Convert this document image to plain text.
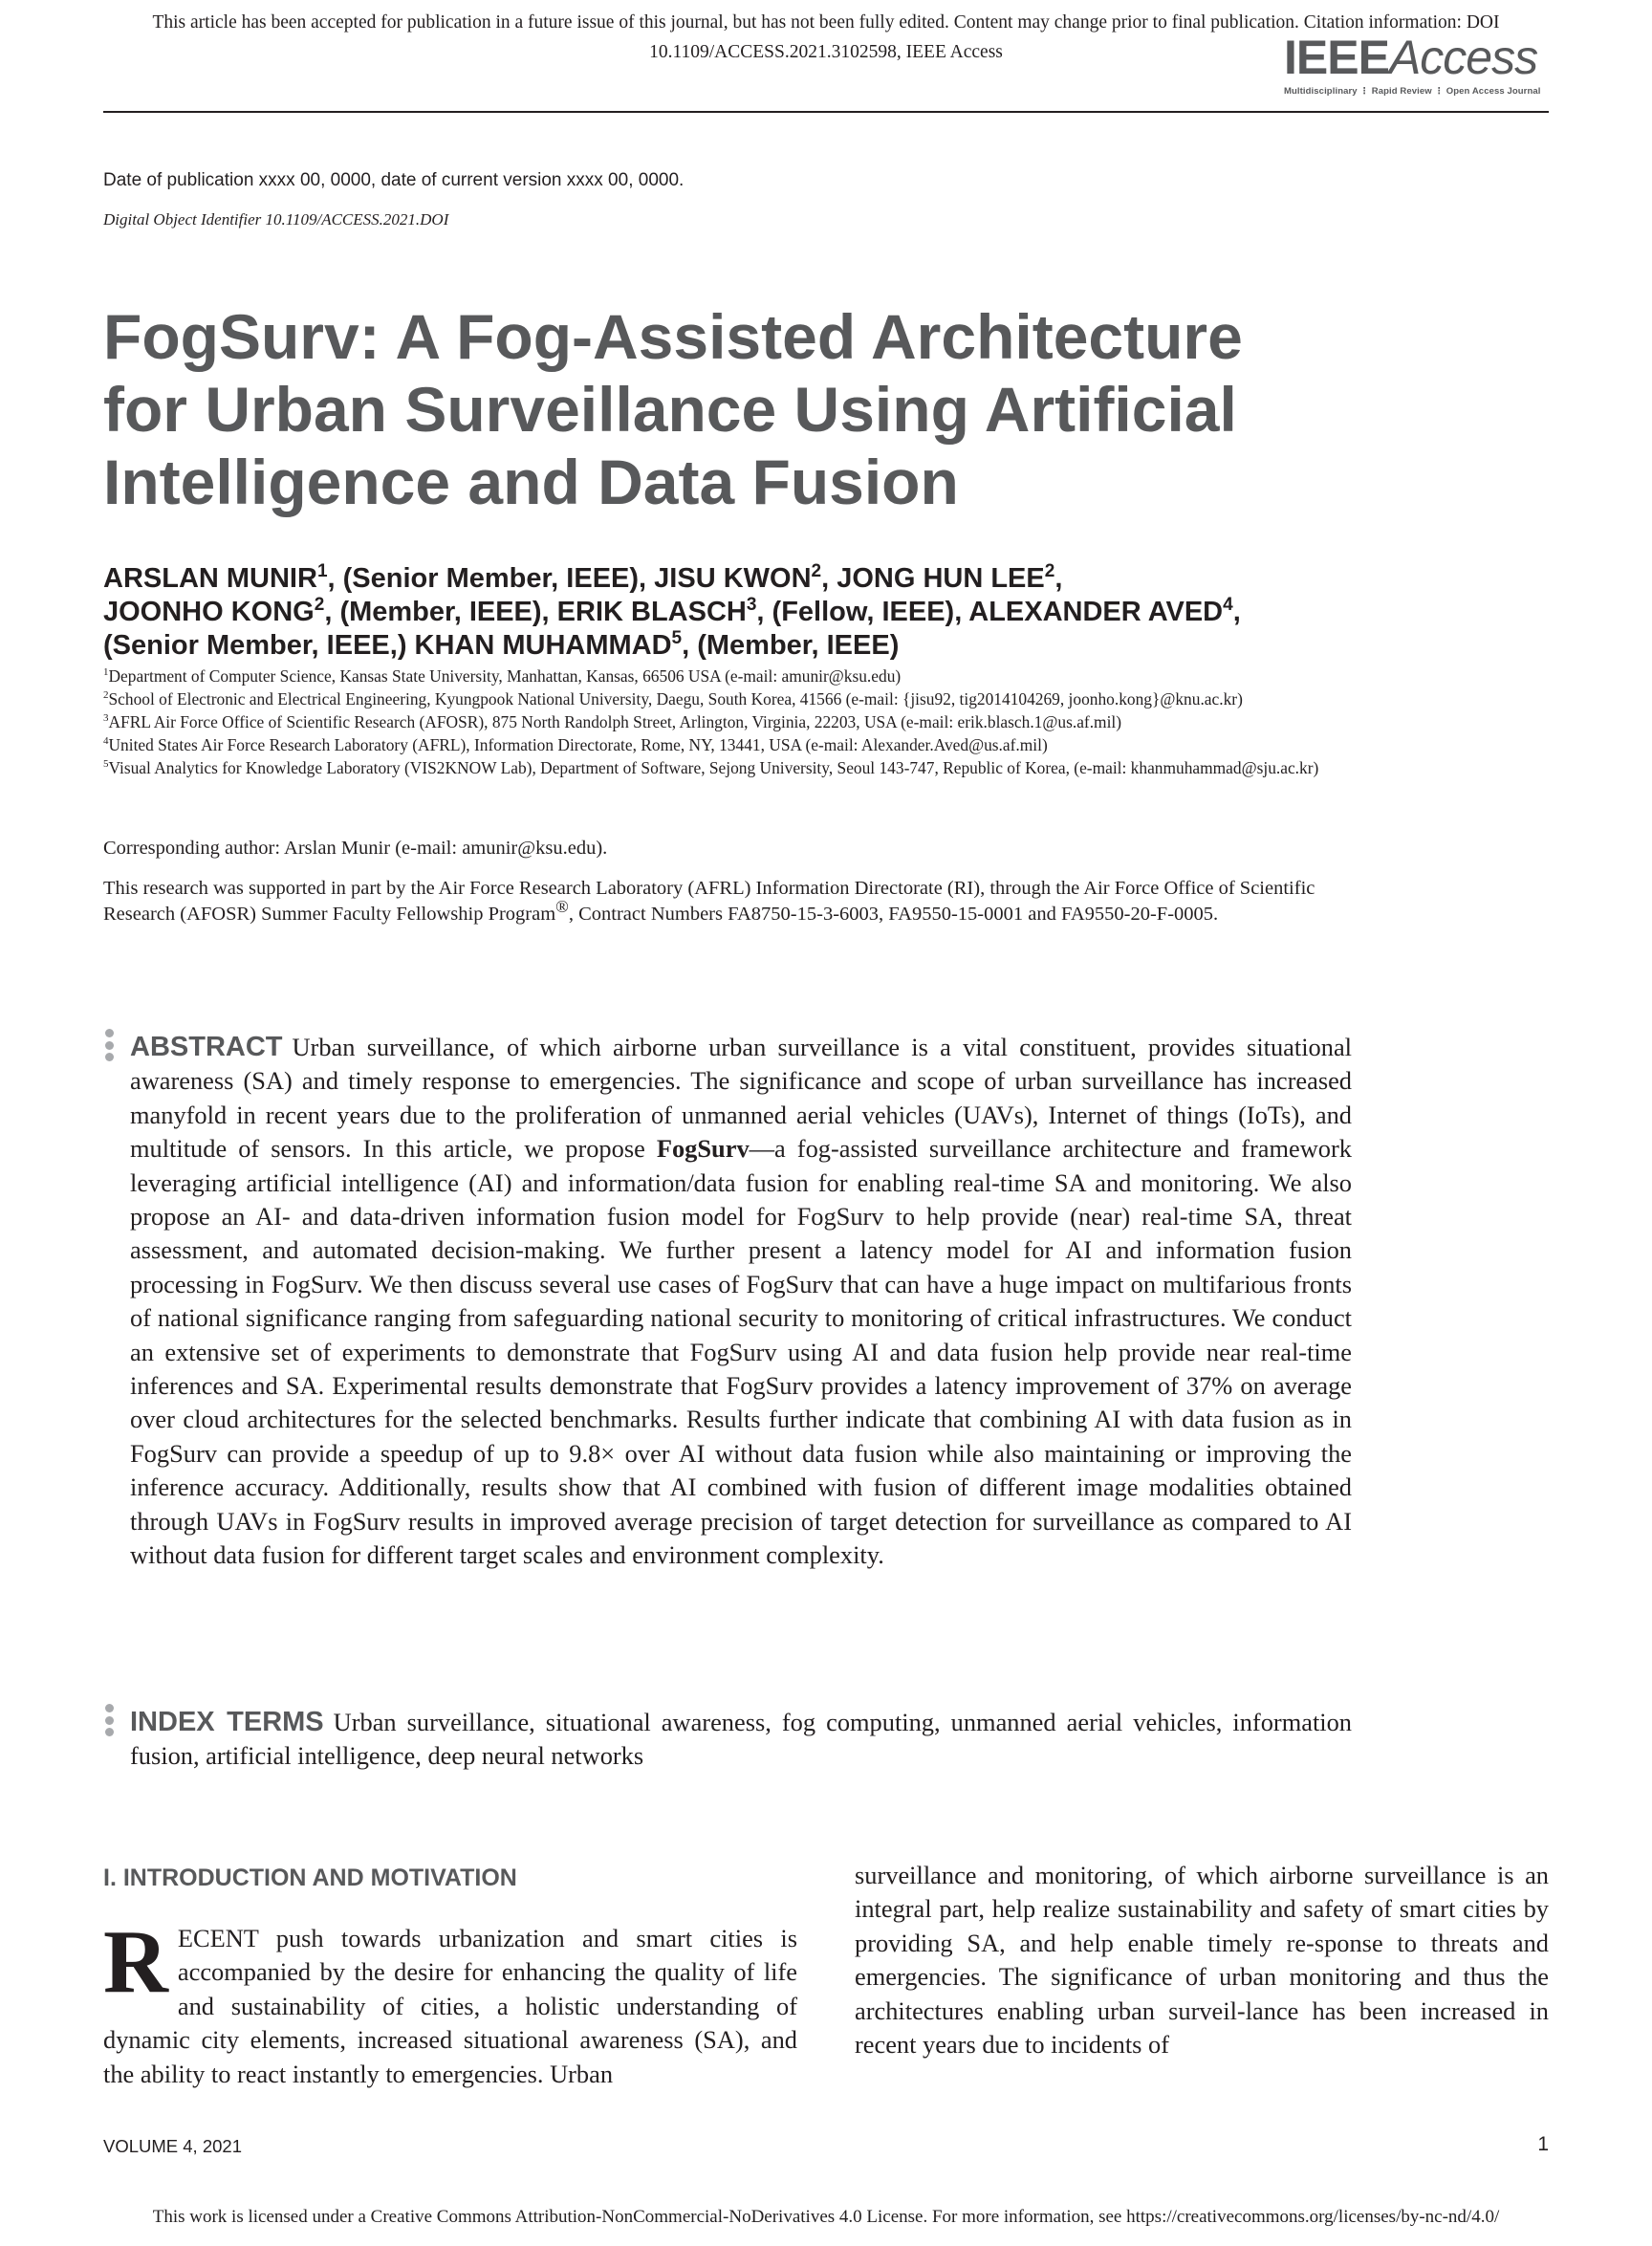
This article has been accepted for publication in a future issue of this journal, but has not been fully edited. Content may change prior to final publication. Citation information: DOI
10.1109/ACCESS.2021.3102598, IEEE Access	IEEEAccess
Multidisciplinary ⋮ Rapid Review ⋮ Open Access Journal
Date of publication xxxx 00, 0000, date of current version xxxx 00, 0000.
Digital Object Identifier 10.1109/ACCESS.2021.DOI
FogSurv: A Fog-Assisted Architecture
for Urban Surveillance Using Artificial
Intelligence and Data Fusion
ARSLAN MUNIR$^1$, (Senior Member, IEEE), JISU KWON$^2$, JONG HUN LEE$^2$,
JOONHO KONG$^2$, (Member, IEEE), ERIK BLASCH$^3$, (Fellow, IEEE), ALEXANDER AVED$^4$,
(Senior Member, IEEE,) KHAN MUHAMMAD$^5$, (Member, IEEE)

$^1$Department of Computer Science, Kansas State University, Manhattan, Kansas, 66506 USA (e-mail: amunir@ksu.edu)

$^2$School of Electronic and Electrical Engineering, Kyungpook National University, Daegu, South Korea, 41566 (e-mail: {jisu92, tig2014104269, joonho.kong}@knu.ac.kr)

$^3$AFRL Air Force Office of Scientific Research (AFOSR), 875 North Randolph Street, Arlington, Virginia, 22203, USA (e-mail: erik.blasch.1@us.af.mil)

$^4$United States Air Force Research Laboratory (AFRL), Information Directorate, Rome, NY, 13441, USA (e-mail: Alexander.Aved@us.af.mil)

$^5$Visual Analytics for Knowledge Laboratory (VIS2KNOW Lab), Department of Software, Sejong University, Seoul 143-747, Republic of Korea, (e-mail: khanmuhammad@sju.ac.kr)

Corresponding author: Arslan Munir (e-mail: amunir@ksu.edu).
This research was supported in part by the Air Force Research Laboratory (AFRL) Information Directorate (RI), through the Air Force Office of Scientific Research (AFOSR) Summer Faculty Fellowship Program®, Contract Numbers FA8750-15-3-6003, FA9550-15-0001 and FA9550-20-F-0005.
ABSTRACT Urban surveillance, of which airborne urban surveillance is a vital constituent, provides situational awareness (SA) and timely response to emergencies. The significance and scope of urban surveillance has increased manyfold in recent years due to the proliferation of unmanned aerial vehicles (UAVs), Internet of things (IoTs), and multitude of sensors. In this article, we propose FogSurv—a fog-assisted surveillance architecture and framework leveraging artificial intelligence (AI) and information/data fusion for enabling real-time SA and monitoring. We also propose an AI- and data-driven information fusion model for FogSurv to help provide (near) real-time SA, threat assessment, and automated decision-making. We further present a latency model for AI and information fusion processing in FogSurv. We then discuss several use cases of FogSurv that can have a huge impact on multifarious fronts of national significance ranging from safeguarding national security to monitoring of critical infrastructures. We conduct an extensive set of experiments to demonstrate that FogSurv using AI and data fusion help provide near real-time inferences and SA. Experimental results demonstrate that FogSurv provides a latency improvement of 37% on average over cloud architectures for the selected benchmarks. Results further indicate that combining AI with data fusion as in FogSurv can provide a speedup of up to 9.8× over AI without data fusion while also maintaining or improving the inference accuracy. Additionally, results show that AI combined with fusion of different image modalities obtained through UAVs in FogSurv results in improved average precision of target detection for surveillance as compared to AI without data fusion for different target scales and environment complexity.
INDEX TERMS Urban surveillance, situational awareness, fog computing, unmanned aerial vehicles, information fusion, artificial intelligence, deep neural networks
I. INTRODUCTION AND MOTIVATION
RECENT push towards urbanization and smart cities is accompanied by the desire for enhancing the quality of life and sustainability of cities, a holistic understanding of dynamic city elements, increased situational awareness (SA), and the ability to react instantly to emergencies. Urban
surveillance and monitoring, of which airborne surveillance is an integral part, help realize sustainability and safety of smart cities by providing SA, and help enable timely re-sponse to threats and emergencies. The significance of urban monitoring and thus the architectures enabling urban surveil-lance has been increased in recent years due to incidents of
VOLUME 4, 2021	1
This work is licensed under a Creative Commons Attribution-NonCommercial-NoDerivatives 4.0 License. For more information, see https://creativecommons.org/licenses/by-nc-nd/4.0/
